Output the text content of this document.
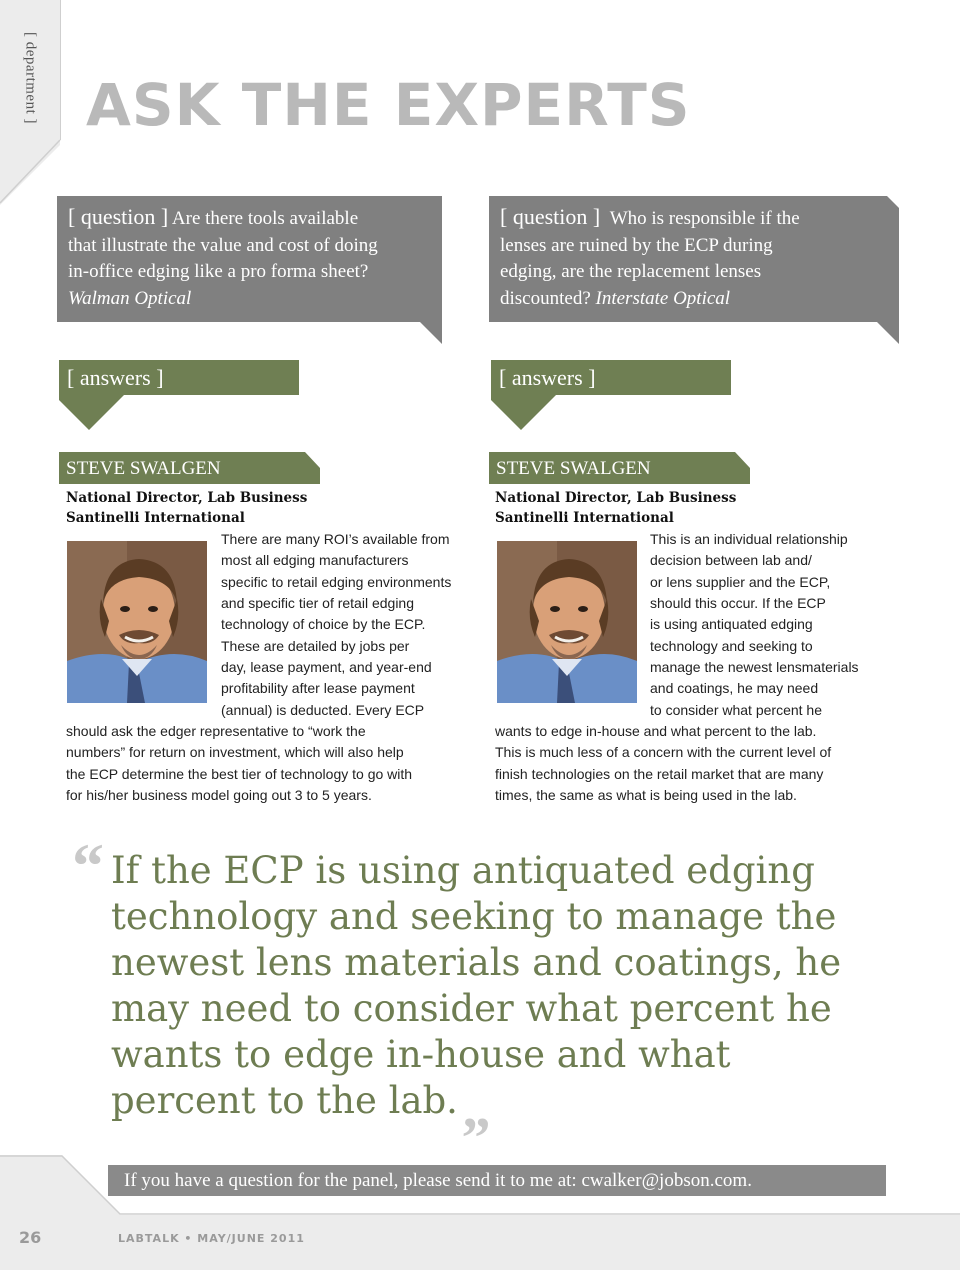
[ department ] ASK THE EXPERTS
[ question ] Are there tools available
that illustrate the value and cost of doing
in-office edging like a pro forma sheet?
Walman Optical
[ question ] Who is responsible if the
lenses are ruined by the ECP during
edging, are the replacement lenses
discounted? Interstate Optical
[ answers ]	[ answers ]
STEVE SWALGEN	STEVE SWALGEN
National Director, Lab Business
Santinelli International
National Director, Lab Business
Santinelli International
There are many ROI’s available from
most all edging manufacturers
specific to retail edging environments
and specific tier of retail edging
technology of choice by the ECP.
These are detailed by jobs per
day, lease payment, and year-end
profitability after lease payment
(annual) is deducted. Every ECP
should ask the edger representative to “work the
numbers” for return on investment, which will also help
the ECP determine the best tier of technology to go with
for his/her business model going out 3 to 5 years.
This is an individual relationship
decision between lab and/
or lens supplier and the ECP,
should this occur. If the ECP
is using antiquated edging
technology and seeking to
manage the newest lensmaterials
and coatings, he may need
to consider what percent he
wants to edge in-house and what percent to the lab.
This is much less of a concern with the current level of
finish technologies on the retail market that are many
times, the same as what is being used in the lab.
“ If the ECP is using antiquated edging
technology and seeking to manage the
newest lens materials and coatings, he
may need to consider what percent he
wants to edge in-house and what
percent to the lab.„
If you have a question for the panel, please send it to me at: cwalker@jobson.com.
26	LABTALK • MAY/JUNE 2011
